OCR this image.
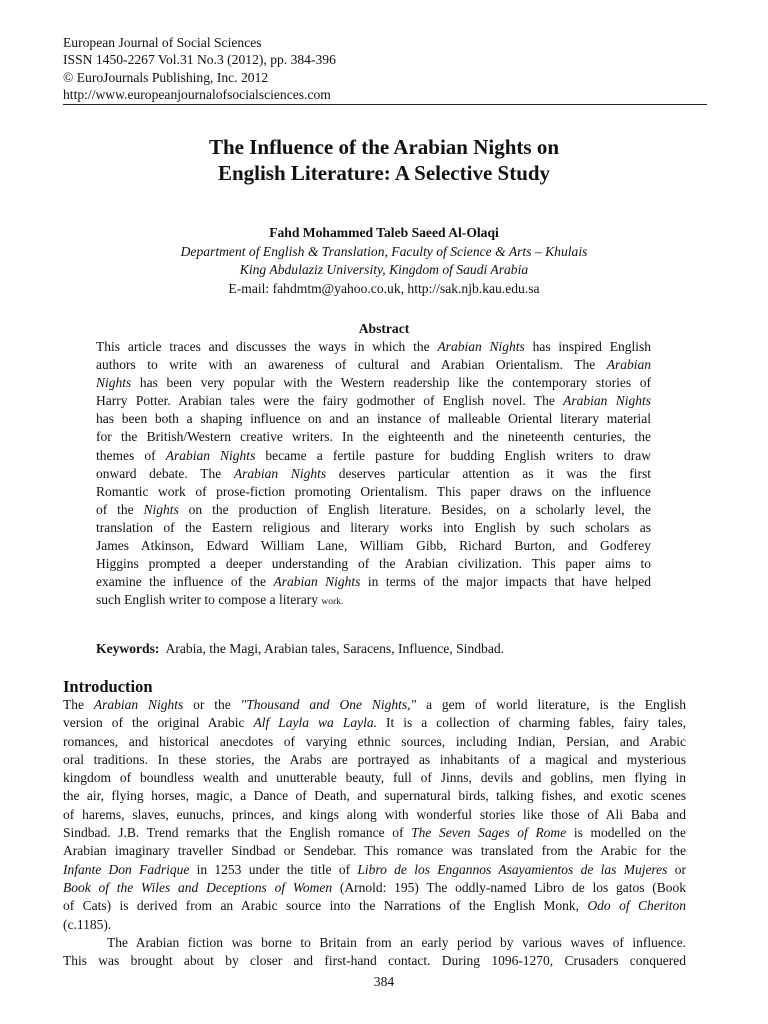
European Journal of Social Sciences
ISSN 1450-2267 Vol.31 No.3 (2012), pp. 384-396
© EuroJournals Publishing, Inc. 2012
http://www.europeanjournalofsocialsciences.com
The Influence of the Arabian Nights on
English Literature: A Selective Study
Fahd Mohammed Taleb Saeed Al-Olaqi
Department of English & Translation, Faculty of Science & Arts – Khulais
King Abdulaziz University, Kingdom of Saudi Arabia
E-mail: fahdmtm@yahoo.co.uk, http://sak.njb.kau.edu.sa
Abstract
This article traces and discusses the ways in which the Arabian Nights has inspired English
authors to write with an awareness of cultural and Arabian Orientalism. The Arabian
Nights has been very popular with the Western readership like the contemporary stories of
Harry Potter. Arabian tales were the fairy godmother of English novel. The Arabian Nights
has been both a shaping influence on and an instance of malleable Oriental literary material
for the British/Western creative writers. In the eighteenth and the nineteenth centuries, the
themes of Arabian Nights became a fertile pasture for budding English writers to draw
onward debate. The Arabian Nights deserves particular attention as it was the first
Romantic work of prose-fiction promoting Orientalism. This paper draws on the influence
of the Nights on the production of English literature. Besides, on a scholarly level, the
translation of the Eastern religious and literary works into English by such scholars as
James Atkinson, Edward William Lane, William Gibb, Richard Burton, and Godferey
Higgins prompted a deeper understanding of the Arabian civilization. This paper aims to
examine the influence of the Arabian Nights in terms of the major impacts that have helped
such English writer to compose a literary work.
Keywords: Arabia, the Magi, Arabian tales, Saracens, Influence, Sindbad.
Introduction
The Arabian Nights or the "Thousand and One Nights," a gem of world literature, is the English
version of the original Arabic Alf Layla wa Layla. It is a collection of charming fables, fairy tales,
romances, and historical anecdotes of varying ethnic sources, including Indian, Persian, and Arabic
oral traditions. In these stories, the Arabs are portrayed as inhabitants of a magical and mysterious
kingdom of boundless wealth and unutterable beauty, full of Jinns, devils and goblins, men flying in
the air, flying horses, magic, a Dance of Death, and supernatural birds, talking fishes, and exotic scenes
of harems, slaves, eunuchs, princes, and kings along with wonderful stories like those of Ali Baba and
Sindbad. J.B. Trend remarks that the English romance of The Seven Sages of Rome is modelled on the
Arabian imaginary traveller Sindbad or Sendebar. This romance was translated from the Arabic for the
Infante Don Fadrique in 1253 under the title of Libro de los Engannos Asayamientos de las Mujeres or
Book of the Wiles and Deceptions of Women (Arnold: 195) The oddly-named Libro de los gatos (Book
of Cats) is derived from an Arabic source into the Narrations of the English Monk, Odo of Cheriton
(c.1185).
The Arabian fiction was borne to Britain from an early period by various waves of influence.
This was brought about by closer and first-hand contact. During 1096-1270, Crusaders conquered
384
